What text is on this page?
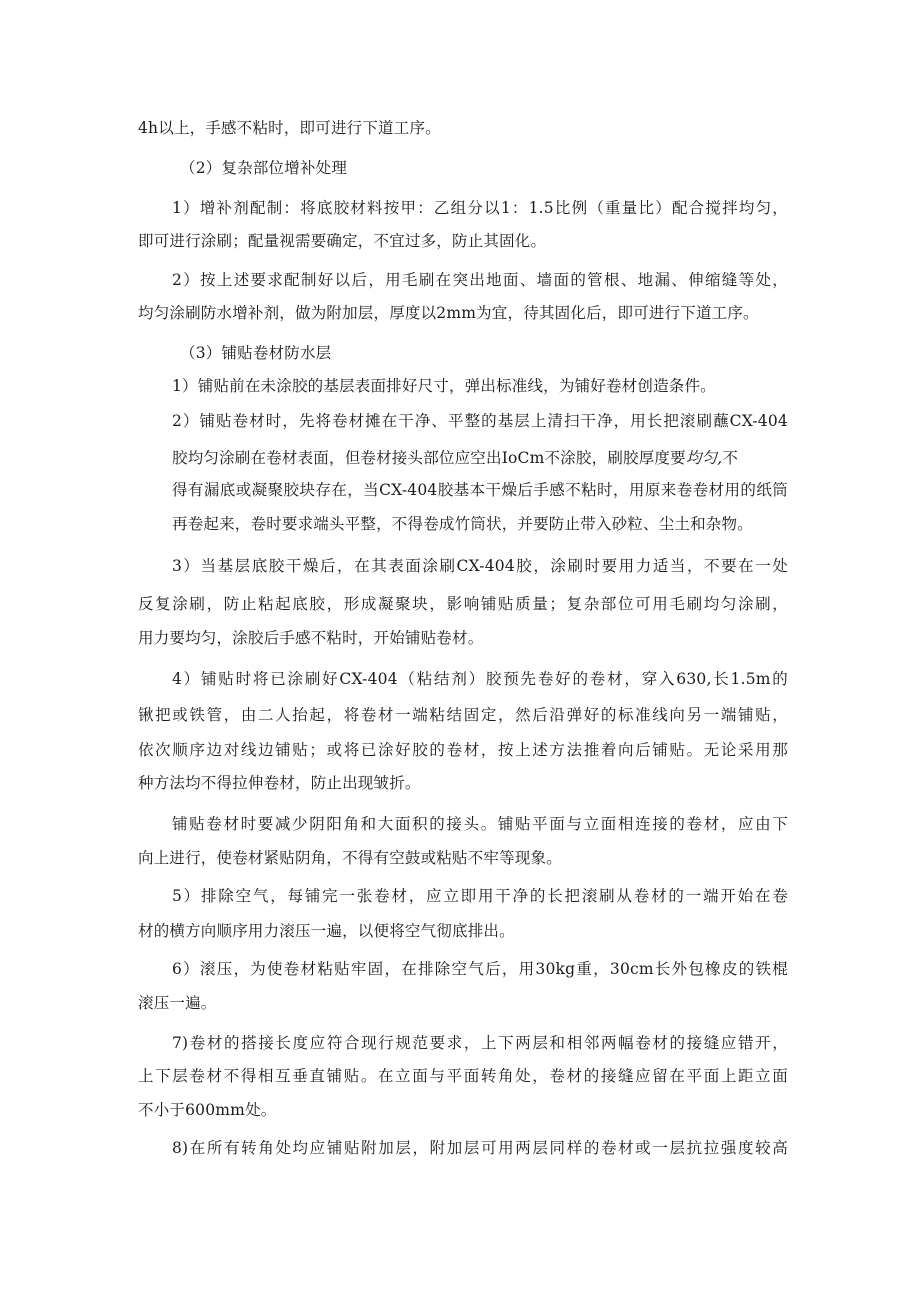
4h以上，手感不粘时，即可进行下道工序。
（2）复杂部位增补处理
1）增补剂配制：将底胶材料按甲：乙组分以1：1.5比例（重量比）配合搅拌均匀，
即可进行涂刷；配量视需要确定，不宜过多，防止其固化。
2）按上述要求配制好以后，用毛刷在突出地面、墙面的管根、地漏、伸缩缝等处，
均匀涂刷防水增补剂，做为附加层，厚度以2mm为宜，待其固化后，即可进行下道工序。
（3）铺贴卷材防水层
1）铺贴前在未涂胶的基层表面排好尺寸，弹出标准线，为铺好卷材创造条件。
2）铺贴卷材时，先将卷材摊在干净、平整的基层上清扫干净，用长把滚刷蘸CX-404
胶均匀涂刷在卷材表面，但卷材接头部位应空出IoCm不涂胶，刷胶厚度要均匀,不
得有漏底或凝聚胶块存在，当CX-404胶基本干燥后手感不粘时，用原来卷卷材用的纸筒
再卷起来，卷时要求端头平整，不得卷成竹筒状，并要防止带入砂粒、尘土和杂物。
3）当基层底胶干燥后，在其表面涂刷CX-404胶，涂刷时要用力适当，不要在一处
反复涂刷，防止粘起底胶，形成凝聚块，影响铺贴质量；复杂部位可用毛刷均匀涂刷，
用力要均匀，涂胶后手感不粘时，开始铺贴卷材。
4）铺贴时将已涂刷好CX-404（粘结剂）胶预先卷好的卷材，穿入630,长1.5m的
锹把或铁管，由二人抬起，将卷材一端粘结固定，然后沿弹好的标准线向另一端铺贴，
依次顺序边对线边铺贴；或将已涂好胶的卷材，按上述方法推着向后铺贴。无论采用那
种方法均不得拉伸卷材，防止出现皱折。
铺贴卷材时要减少阴阳角和大面积的接头。铺贴平面与立面相连接的卷材，应由下
向上进行，使卷材紧贴阴角，不得有空鼓或粘贴不牢等现象。
5）排除空气，每铺完一张卷材，应立即用干净的长把滚刷从卷材的一端开始在卷
材的横方向顺序用力滚压一遍，以便将空气彻底排出。
6）滚压，为使卷材粘贴牢固，在排除空气后，用30kg重，30cm长外包橡皮的铁棍
滚压一遍。
7)卷材的搭接长度应符合现行规范要求，上下两层和相邻两幅卷材的接缝应错开，
上下层卷材不得相互垂直铺贴。在立面与平面转角处，卷材的接缝应留在平面上距立面
不小于600mm处。
8)在所有转角处均应铺贴附加层，附加层可用两层同样的卷材或一层抗拉强度较高
